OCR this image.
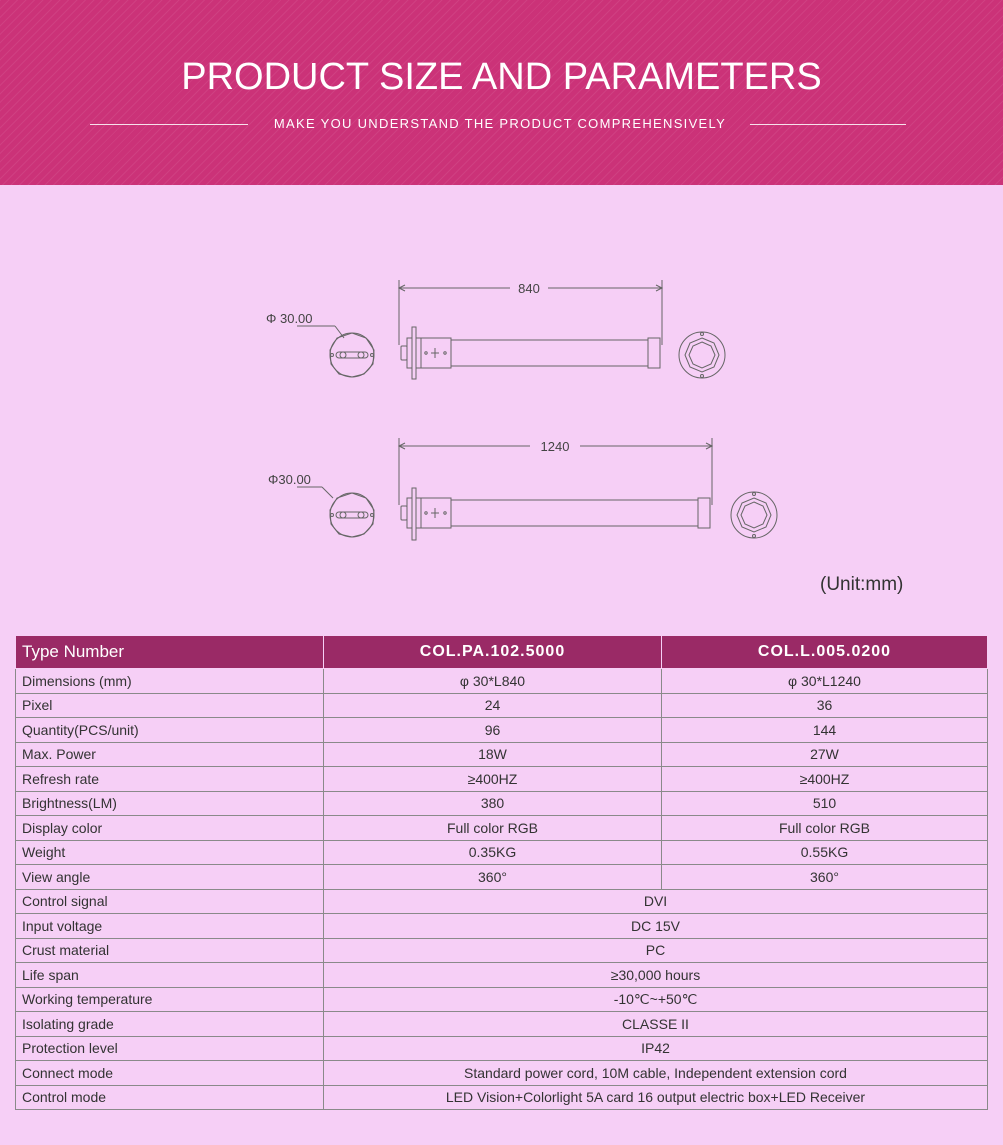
PRODUCT SIZE AND PARAMETERS
MAKE YOU UNDERSTAND THE PRODUCT COMPREHENSIVELY
Φ 30.00
840
Φ30.00
1240
(Unit:mm)
Type Number	COL.PA.102.5000	COL.L.005.0200
Dimensions (mm)	φ 30*L840	φ 30*L1240
Pixel	24	36
Quantity(PCS/unit)	96	144
Max. Power	18W	27W
Refresh rate	≥400HZ	≥400HZ
Brightness(LM)	380	510
Display color	Full color RGB	Full color RGB
Weight	0.35KG	0.55KG
View angle	360°	360°
Control signal	DVI	
Input voltage	DC 15V	
Crust material	PC	
Life span	≥30,000 hours	
Working temperature	-10℃~+50℃	
Isolating grade	CLASSE II	
Protection level	IP42	
Connect mode	Standard power cord, 10M cable, Independent extension cord	
Control mode	LED Vision+Colorlight 5A card 16 output electric box+LED Receiver	
